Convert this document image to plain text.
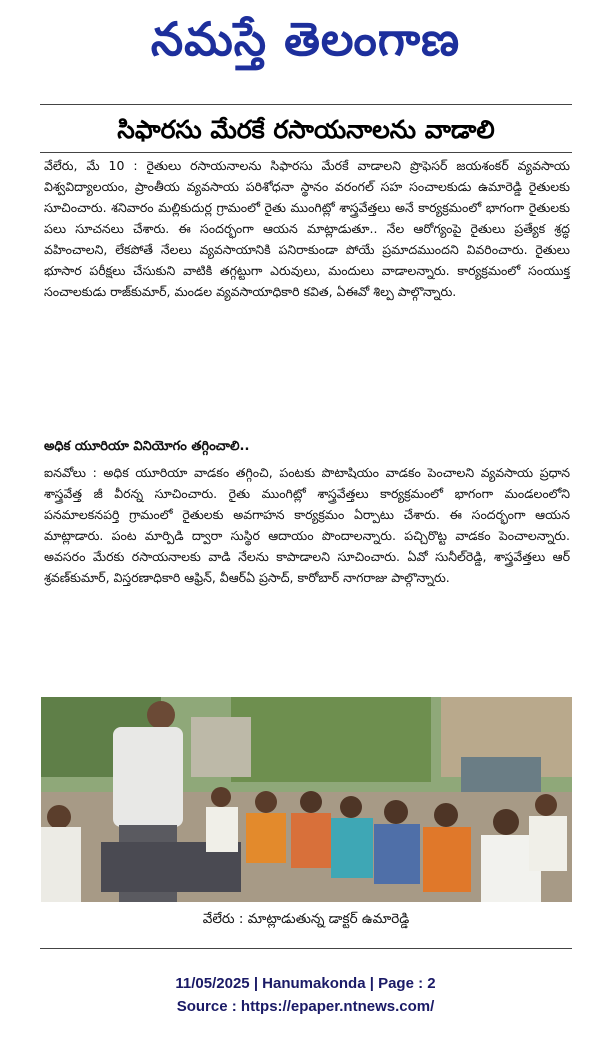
నమస్తే తెలంగాణ
సిఫారసు మేరకే రసాయనాలను వాడాలి

వేలేరు, మే 10 : రైతులు రసాయనాలను సిఫారసు మేరకే వాడాలని ప్రొఫెసర్ జయశంకర్ వ్యవసాయ విశ్వవిద్యాలయం, ప్రాంతీయ వ్యవసాయ పరిశోధనా స్థానం వరంగల్ సహ సంచాలకుడు ఉమారెడ్డి రైతులకు సూచించారు. శనివారం మల్లికుదుర్ల గ్రామంలో రైతు ముంగిట్లో శాస్త్రవేత్తలు అనే కార్యక్రమంలో భాగంగా రైతులకు పలు సూచనలు చేశారు. ఈ సందర్భంగా ఆయన మాట్లాడుతూ.. నేల ఆరోగ్యంపై రైతులు ప్రత్యేక శ్రద్ధ వహించాలని, లేకపోతే నేలలు వ్యవసాయానికి పనిరాకుండా పోయే ప్రమాదముందని వివరించారు. రైతులు భూసార పరీక్షలు చేసుకుని వాటికి తగ్గట్టుగా ఎరువులు, మందులు వాడాలన్నారు. కార్యక్రమంలో సంయుక్త సంచాలకుడు రాజ్‌కుమార్, మండల వ్యవసాయాధికారి కవిత, ఏఈవో శిల్ప పాల్గొన్నారు.

అధిక యూరియా వినియోగం తగ్గించాలి..

ఐనవోలు : అధిక యూరియా వాడకం తగ్గించి, పంటకు పొటాషియం వాడకం పెంచాలని వ్యవసాయ ప్రధాన శాస్త్రవేత్త జీ వీరన్న సూచించారు. రైతు ముంగిట్లో శాస్త్రవేత్తలు కార్యక్రమంలో భాగంగా మండలంలోని పనమాలకనపర్తి గ్రామంలో రైతులకు అవగాహన కార్యక్రమం ఏర్పాటు చేశారు. ఈ సందర్భంగా ఆయన మాట్లాడారు. పంట మార్పిడి ద్వారా సుస్థిర ఆదాయం పొందాలన్నారు. పచ్చిరొట్ట వాడకం పెంచాలన్నారు. అవసరం మేరకు రసాయనాలకు వాడి నేలను కాపాడాలని సూచించారు. ఏవో సునీల్‌రెడ్డి, శాస్త్రవేత్తలు ఆర్ శ్రవణ్‌కుమార్, విస్తరణాధికారి ఆఫ్రిన్, వీఆర్‌ఏ ప్రసాద్, కారోబార్ నాగరాజు పాల్గొన్నారు.

వేలేరు : మాట్లాడుతున్న డాక్టర్ ఉమారెడ్డి
11/05/2025 | Hanumakonda | Page : 2
Source : https://epaper.ntnews.com/
